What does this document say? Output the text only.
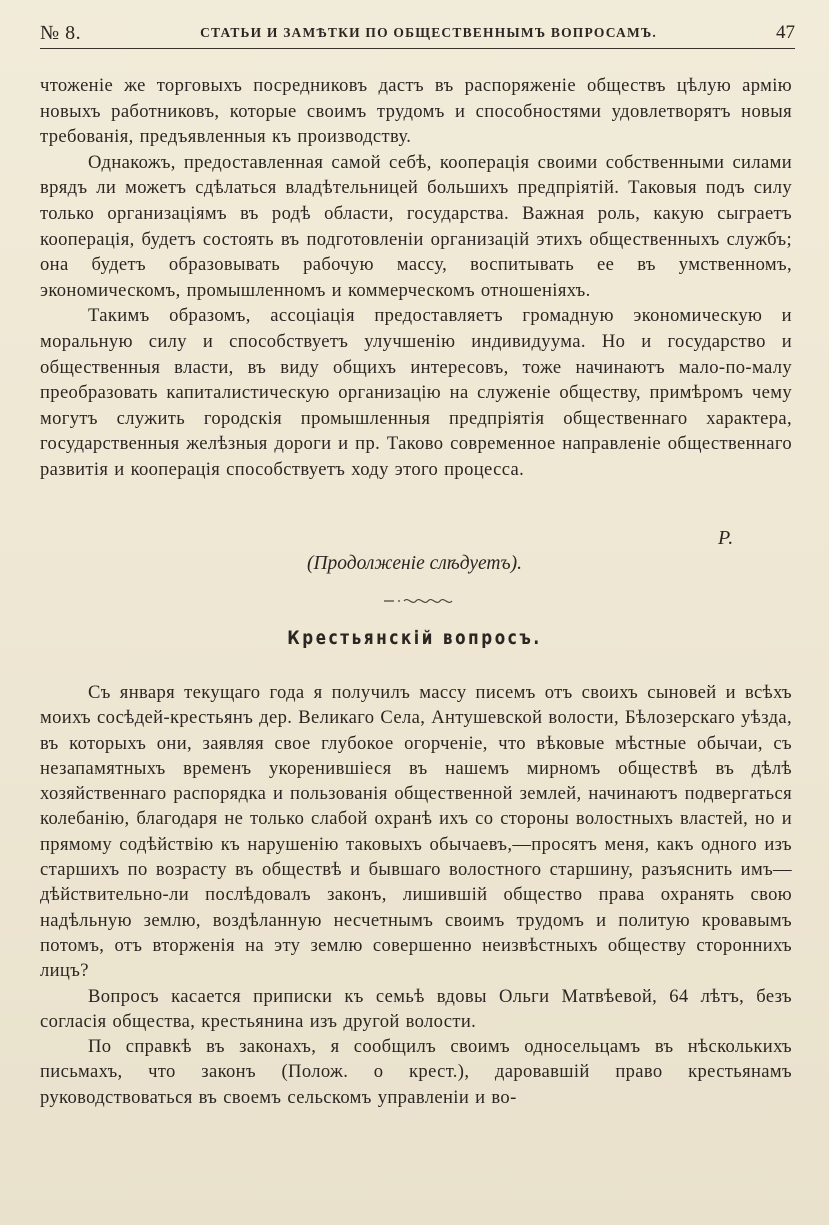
№ 8.	СТАТЬИ И ЗАМѢТКИ ПО ОБЩЕСТВЕННЫМЪ ВОПРОСАМЪ.	47

чтоженіе же торговыхъ посредниковъ дастъ въ распоряженіе обществъ цѣлую армію новыхъ работниковъ, которые своимъ трудомъ и способностями удовлетворятъ новыя требованія, предъявленныя къ производству.

Однакожъ, предоставленная самой себѣ, кооперація своими собственными силами врядъ ли можетъ сдѣлаться владѣтельницей большихъ предпріятій. Таковыя подъ силу только организаціямъ въ родѣ области, государства. Важная роль, какую сыграетъ кооперація, будетъ состоять въ подготовленіи организацій этихъ общественныхъ службъ; она будетъ образовывать рабочую массу, воспитывать ее въ умственномъ, экономическомъ, промышленномъ и коммерческомъ отношеніяхъ.

Такимъ образомъ, ассоціація предоставляетъ громадную экономическую и моральную силу и способствуетъ улучшенію индивидуума. Но и государство и общественныя власти, въ виду общихъ интересовъ, тоже начинаютъ мало-по-малу преобразовать капиталистическую организацію на служеніе обществу, примѣромъ чему могутъ служить городскія промышленныя предпріятія общественнаго характера, государственныя желѣзныя дороги и пр. Таково современное направленіе общественнаго развитія и кооперація способствуетъ ходу этого процесса.

Р.
(Продолженіе слѣдуетъ).
Крестьянскій вопросъ.

Съ января текущаго года я получилъ массу писемъ отъ своихъ сыновей и всѣхъ моихъ сосѣдей-крестьянъ дер. Великаго Села, Антушевской волости, Бѣлозерскаго уѣзда, въ которыхъ они, заявляя свое глубокое огорченіе, что вѣковые мѣстные обычаи, съ незапамятныхъ временъ укоренившіеся въ нашемъ мирномъ обществѣ въ дѣлѣ хозяйственнаго распорядка и пользованія общественной землей, начинаютъ подвергаться колебанію, благодаря не только слабой охранѣ ихъ со стороны волостныхъ властей, но и прямому содѣйствію къ нарушенію таковыхъ обычаевъ,—просятъ меня, какъ одного изъ старшихъ по возрасту въ обществѣ и бывшаго волостного старшину, разъяснить имъ—дѣйствительно-ли послѣдовалъ законъ, лишившій общество права охранять свою надѣльную землю, воздѣланную несчетнымъ своимъ трудомъ и политую кровавымъ потомъ, отъ вторженія на эту землю совершенно неизвѣстныхъ обществу стороннихъ лицъ?

Вопросъ касается приписки къ семьѣ вдовы Ольги Матвѣевой, 64 лѣтъ, безъ согласія общества, крестьянина изъ другой волости.

По справкѣ въ законахъ, я сообщилъ своимъ односельцамъ въ нѣсколькихъ письмахъ, что законъ (Полож. о крест.), даровавшій право крестьянамъ руководствоваться въ своемъ сельскомъ управленіи и во-
